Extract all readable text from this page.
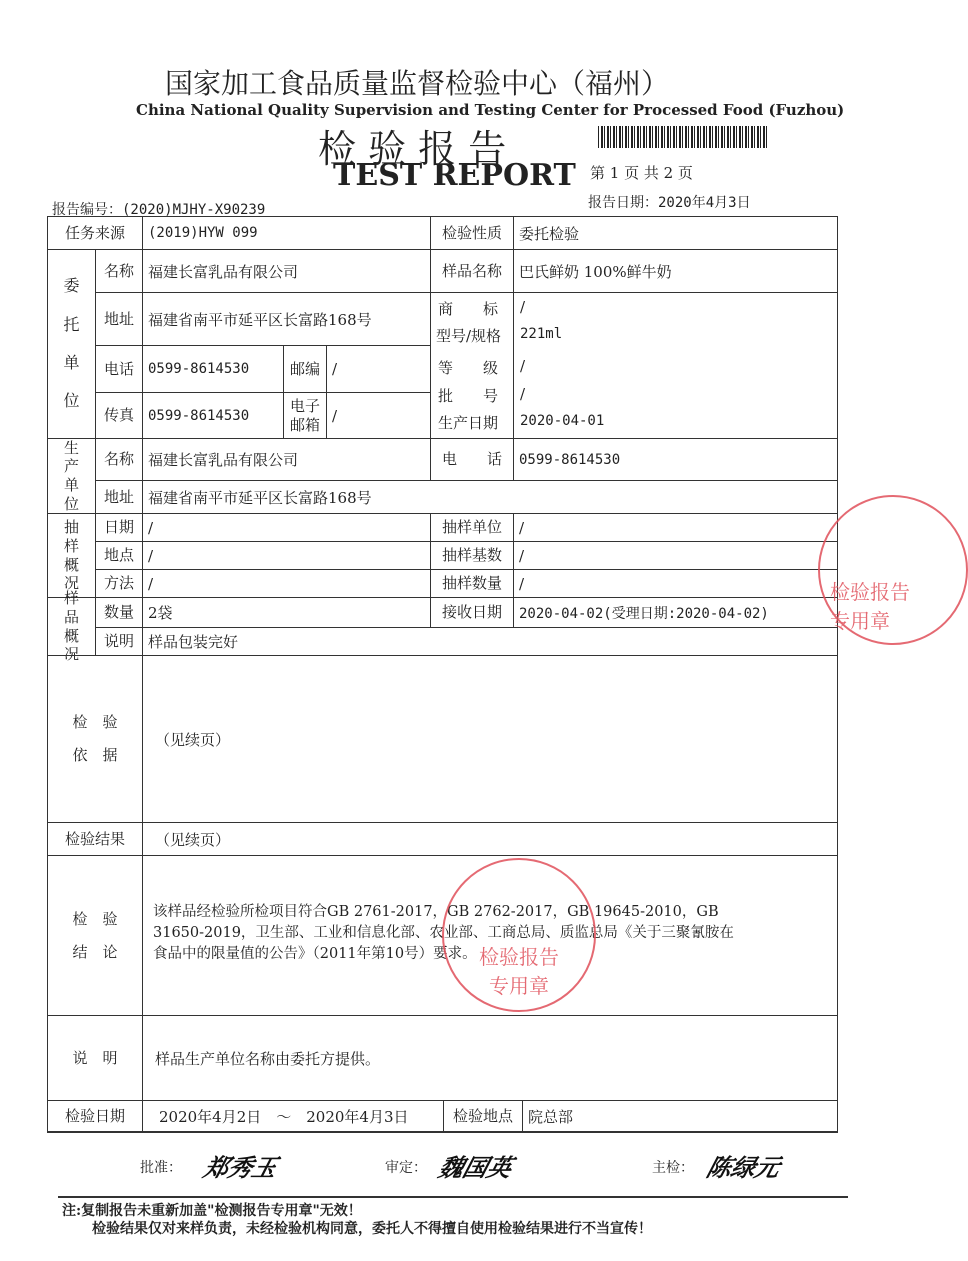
国家加工食品质量监督检验中心（福州）
China National Quality Supervision and Testing Center for Processed Food (Fuzhou)
检 验 报 告
TEST REPORT 第 1 页 共 2 页
报告编号：(2020)MJHY-X90239	报告日期：2020年4月3日
任务来源	(2019)HYW 099	检验性质	委托检验
委托单位
名称 福建长富乳品有限公司	样品名称	巴氏鲜奶 100%鲜牛奶
地址 福建省南平市延平区长富路168号
商　　标 /
型号/规格 221ml
等　　级 /
批　　号 /
生产日期 2020-04-01
电话	0599-8614530	邮编 /
传真	0599-8614530
电子邮箱 /
生产单位
名称 福建长富乳品有限公司	电　　话	0599-8614530
地址 福建省南平市延平区长富路168号
抽样概况
日期 /	抽样单位	/
地点 /	抽样基数	/
方法 /	抽样数量	/
样品概况
数量 2袋	接收日期	2020-04-02(受理日期:2020-04-02)
说明 样品包装完好
检　验　依　据
（见续页）
检验结果	（见续页）
检　验　结　论
该样品经检验所检项目符合GB 2761-2017，GB 2762-2017，GB 19645-2010，GB 31650-2019，卫生部、工业和信息化部、农业部、工商总局、质监总局《关于三聚氰胺在食品中的限量值的公告》（2011年第10号）要求。
说　明	样品生产单位名称由委托方提供。
检验日期	2020年4月2日　～　2020年4月3日	检验地点	院总部
检验报告
专用章
检验报告
专用章
批准： 郑秀玉	审定： 魏国英	主检： 陈绿元
注:复制报告未重新加盖"检测报告专用章"无效！
检验结果仅对来样负责，未经检验机构同意，委托人不得擅自使用检验结果进行不当宣传！
